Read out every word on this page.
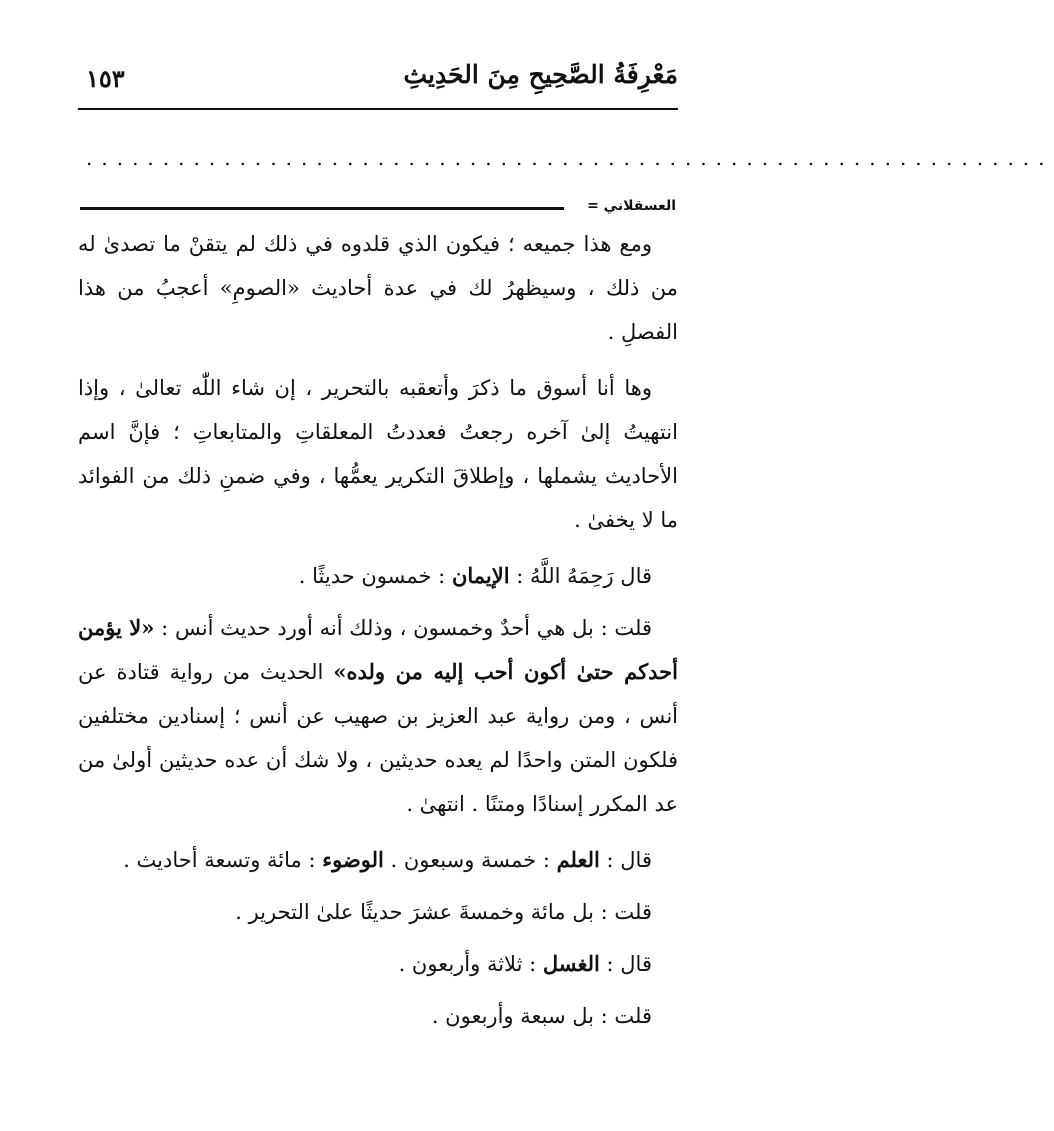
مَعْرِفَةُ الصَّحِيحِ مِنَ الحَدِيثِ
١٥٣
...............................................................
العسقلاني =

ومع هذا جميعه ؛ فيكون الذي قلدوه في ذلك لم يتقنْ ما تصدىٰ له من ذلك ، وسيظهرُ لك في عدة أحاديث «الصومِ» أعجبُ من هذا الفصلِ .

وها أنا أسوق ما ذكرَ وأتعقبه بالتحرير ، إن شاء اللّٰه تعالىٰ ، وإذا انتهيتُ إلىٰ آخره رجعتُ فعددتُ المعلقاتِ والمتابعاتِ ؛ فإنَّ اسم الأحاديث يشملها ، وإطلاقَ التكرير يعمُّها ، وفي ضمنِ ذلك من الفوائد ما لا يخفىٰ .

قال رَحِمَهُ اللَّهُ : الإيمان : خمسون حديثًا .

قلت : بل هي أحدٌ وخمسون ، وذلك أنه أورد حديث أنس : «لا يؤمن أحدكم حتىٰ أكون أحب إليه من ولده» الحديث من رواية قتادة عن أنس ، ومن رواية عبد العزيز بن صهيب عن أنس ؛ إسنادين مختلفين فلكون المتن واحدًا لم يعده حديثين ، ولا شك أن عده حديثين أولىٰ من عد المكرر إسنادًا ومتنًا . انتهىٰ .

قال : العلم : خمسة وسبعون . الوضوء : مائة وتسعة أحاديث .

قلت : بل مائة وخمسةَ عشرَ حديثًا علىٰ التحرير .

قال : الغسل : ثلاثة وأربعون .

قلت : بل سبعة وأربعون .
